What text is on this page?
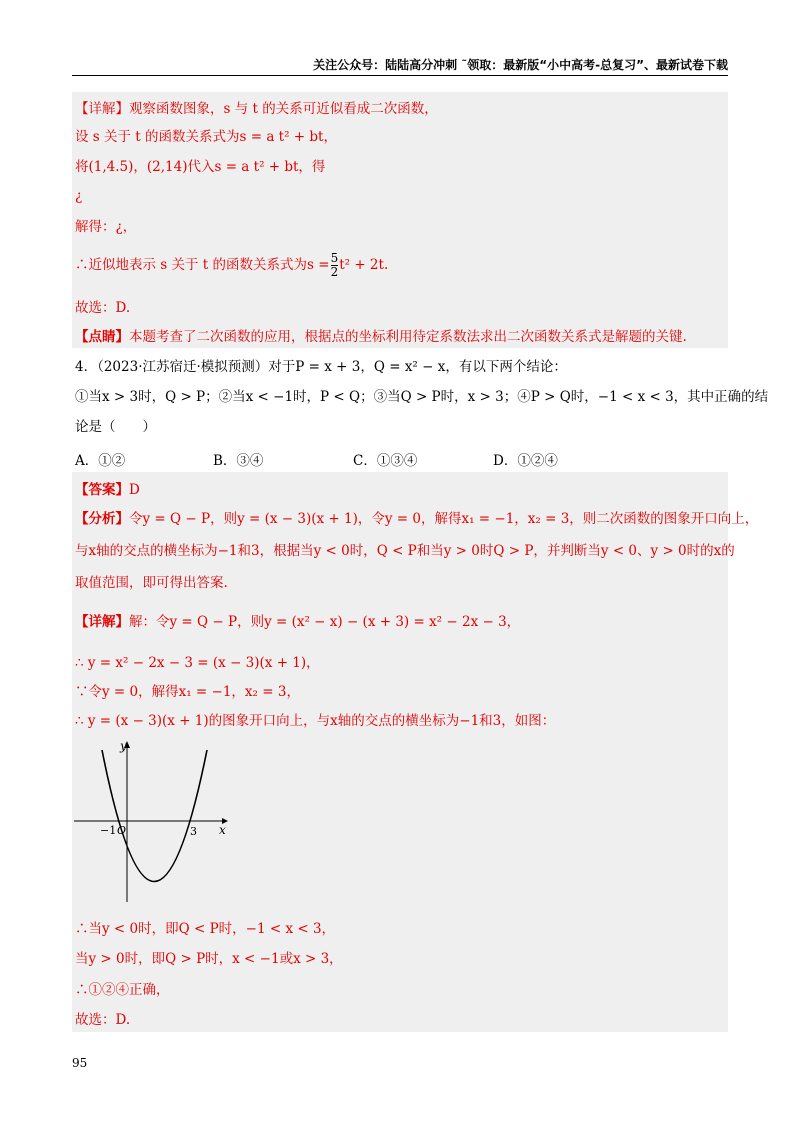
关注公众号：陆陆高分冲刺 ˜领取：最新版“小中高考-总复习”、最新试卷下载
【详解】观察函数图象，s 与 t 的关系可近似看成二次函数，
设 s 关于 t 的函数关系式为s = a t² + bt，
将(1,4.5)，(2,14)代入s = a t² + bt，得
¿
解得：¿，
∴近似地表示 s 关于 t 的函数关系式为$s = \frac{5}{2} t^2 + 2t$.
故选：D.
【点睛】本题考查了二次函数的应用，根据点的坐标利用待定系数法求出二次函数关系式是解题的关键.
4．（2023·江苏宿迁·模拟预测）对于P = x + 3，Q = x² − x，有以下两个结论：
①当x > 3时，Q > P；②当x < −1时，P < Q；③当Q > P时，x > 3；④P > Q时，−1 < x < 3，其中正确的结
论是（　　）
A．①②	B．③④	C．①③④	D．①②④
【答案】D
【分析】令y = Q − P，则y = (x − 3)(x + 1)，令y = 0，解得x₁ = −1，x₂ = 3，则二次函数的图象开口向上，
与x轴的交点的横坐标为−1和3，根据当y < 0时，Q < P和当y > 0时Q > P，并判断当y < 0、y > 0时的x的
取值范围，即可得出答案.
【详解】解：令y = Q − P，则y = (x² − x) − (x + 3) = x² − 2x − 3，
∴ y = x² − 2x − 3 = (x − 3)(x + 1)，
∵令y = 0，解得x₁ = −1，x₂ = 3，
∴ y = (x − 3)(x + 1)的图象开口向上，与x轴的交点的横坐标为−1和3，如图：
y
x
O
−1	3
∴当y < 0时，即Q < P时，−1 < x < 3，
当y > 0时，即Q > P时，x < −1或x > 3，
∴①②④正确，
故选：D.
95
